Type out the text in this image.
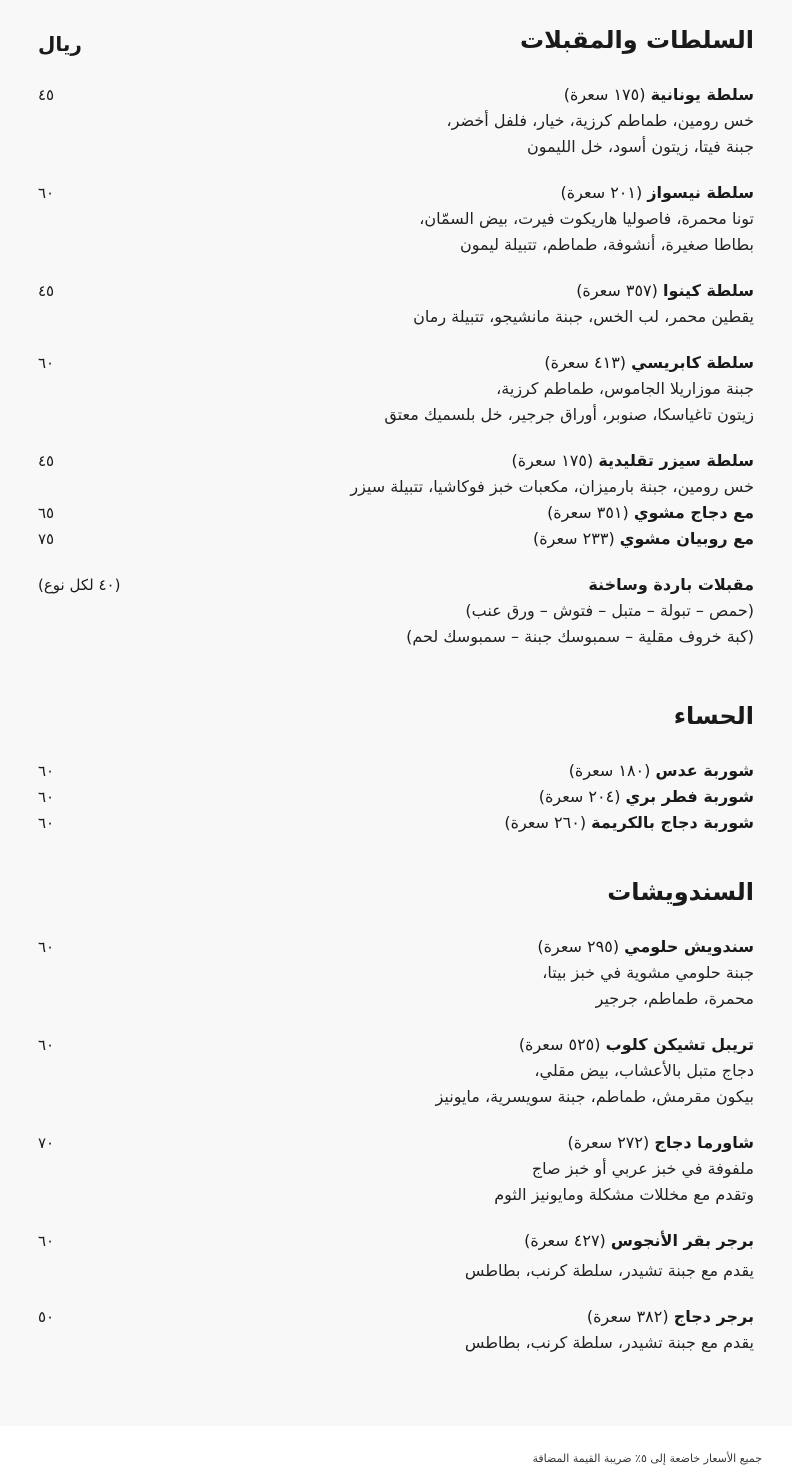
السلطات والمقبلات
ريال
سلطة يونانية (١٧٥ سعرة)
٤٥
خس رومين، طماطم كرزية، خيار، فلفل أخضر،
جبنة فيتا، زيتون أسود، خل الليمون
سلطة نيسواز (٢٠١ سعرة)
٦٠
تونا محمرة، فاصوليا هاريكوت فيرت، بيض السمّان،
بطاطا صغيرة، أنشوفة، طماطم، تتبيلة ليمون
سلطة كينوا (٣٥٧ سعرة)
٤٥
يقطين محمر، لب الخس، جبنة مانشيجو، تتبيلة رمان
سلطة كابريسي (٤١٣ سعرة)
٦٠
جبنة موزاريلا الجاموس، طماطم كرزية،
زيتون تاغياسكا، صنوبر، أوراق جرجير، خل بلسميك معتق
سلطة سيزر تقليدية (١٧٥ سعرة)
٤٥
خس رومين، جبنة بارميزان، مكعبات خبز فوكاشيا، تتبيلة سيزر
مع دجاج مشوي (٣٥١ سعرة)
٦٥
مع روبيان مشوي (٢٣٣ سعرة)
٧٥
مقبلات باردة وساخنة
(٤٠ لكل نوع)
(حمص – تبولة – متبل – فتوش – ورق عنب)
(كبة خروف مقلية – سمبوسك جبنة – سمبوسك لحم)
الحساء
شوربة عدس (١٨٠ سعرة)
٦٠
شوربة فطر بري (٢٠٤ سعرة)
٦٠
شوربة دجاج بالكريمة (٢٦٠ سعرة)
٦٠
السندويشات
سندويش حلومي (٢٩٥ سعرة)
٦٠
جبنة حلومي مشوية في خبز بيتا،
محمرة، طماطم، جرجير
تريبل تشيكن كلوب (٥٢٥ سعرة)
٦٠
دجاج متبل بالأعشاب، بيض مقلي،
بيكون مقرمش، طماطم، جبنة سويسرية، مايونيز
شاورما دجاج (٢٧٢ سعرة)
٧٠
ملفوفة في خبز عربي أو خبز صاج
وتقدم مع مخللات مشكلة ومايونيز الثوم
برجر بقر الأنجوس (٤٢٧ سعرة)
٦٠
يقدم مع جبنة تشيدر، سلطة كرنب، بطاطس
برجر دجاج (٣٨٢ سعرة)
٥٠
يقدم مع جبنة تشيدر، سلطة كرنب، بطاطس
جميع الأسعار خاضعة إلى ٥٪ ضريبة القيمة المضافة
